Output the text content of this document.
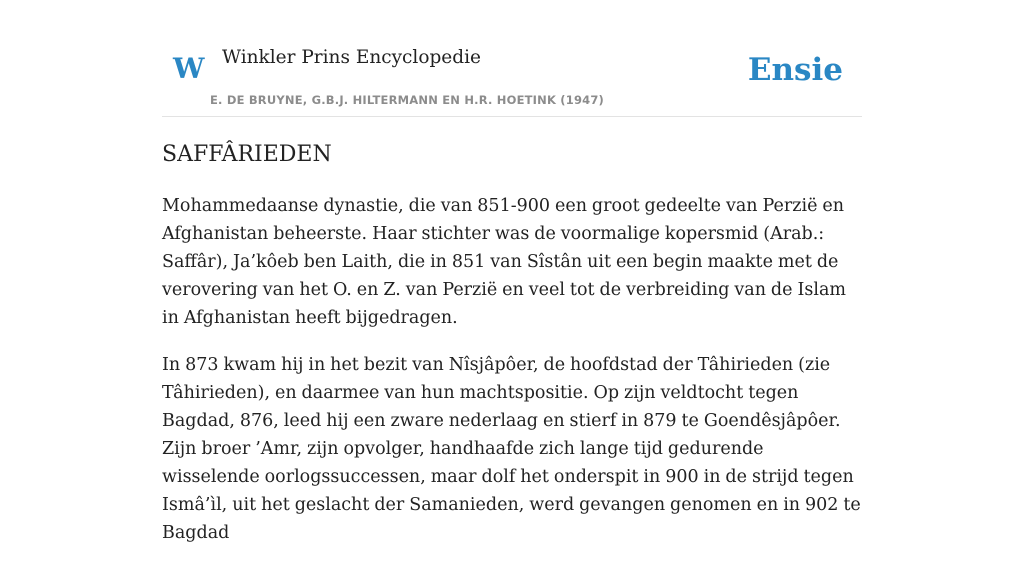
W Winkler Prins Encyclopedie
E. DE BRUYNE, G.B.J. HILTERMANN EN H.R. HOETINK (1947)
Ensie
SAFFÂRIEDEN

Mohammedaanse dynastie, die van 851-900 een groot gedeelte van Perzië en Afghanistan beheerste. Haar stichter was de voormalige kopersmid (Arab.: Saffâr), Ja’kôeb ben Laith, die in 851 van Sîstân uit een begin maakte met de verovering van het O. en Z. van Perzië en veel tot de verbreiding van de Islam in Afghanistan heeft bijgedragen.

In 873 kwam hij in het bezit van Nîsjâpôer, de hoofdstad der Tâhirieden (zie Tâhirieden), en daarmee van hun machtspositie. Op zijn veldtocht tegen Bagdad, 876, leed hij een zware nederlaag en stierf in 879 te Goendêsjâpôer. Zijn broer ’Amr, zijn opvolger, handhaafde zich lange tijd gedurende wisselende oorlogssuccessen, maar dolf het onderspit in 900 in de strijd tegen Ismâ’ìl, uit het geslacht der Samanieden, werd gevangen genomen en in 902 te Bagdad
